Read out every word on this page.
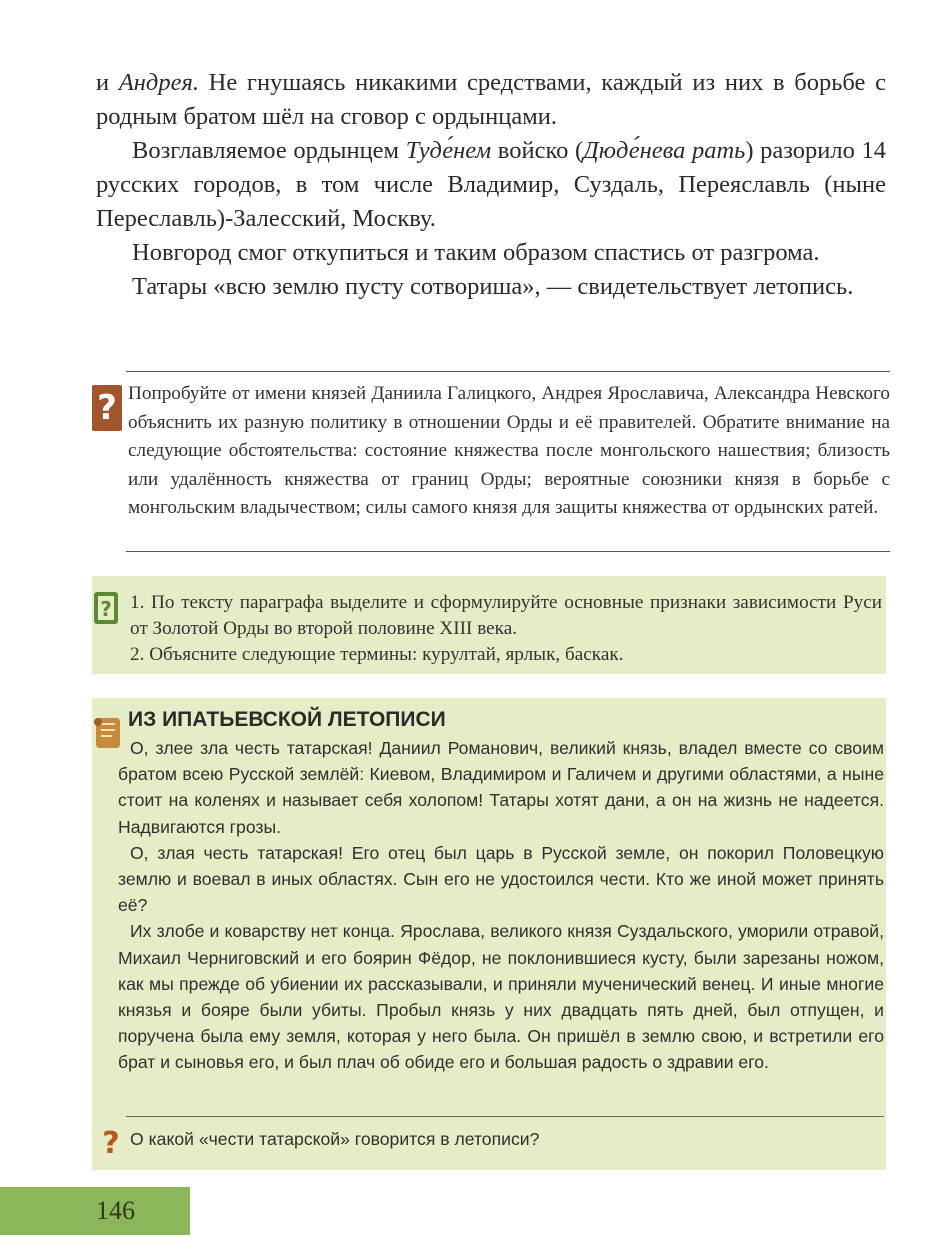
и Андрея. Не гнушаясь никакими средствами, каждый из них в борьбе с родным братом шёл на сговор с ордынцами.

Возглавляемое ордынцем Туде́нем войско (Дюде́нева рать) разорило 14 русских городов, в том числе Владимир, Суздаль, Переяславль (ныне Переславль)-Залесский, Москву.

Новгород смог откупиться и таким образом спастись от разгрома.

Татары «всю землю пусту сотвориша», — свидетельствует летопись.

? Попробуйте от имени князей Даниила Галицкого, Андрея Ярославича, Александра Невского объяснить их разную политику в отношении Орды и её правителей. Обратите внимание на следующие обстоятельства: состояние княжества после монгольского нашествия; близость или удалённость княжества от границ Орды; вероятные союзники князя в борьбе с монгольским владычеством; силы самого князя для защиты княжества от ордынских ратей.
? 1. По тексту параграфа выделите и сформулируйте основные признаки зависимости Руси от Золотой Орды во второй половине XIII века.

2. Объясните следующие термины: курултай, ярлык, баскак.

ИЗ ИПАТЬЕВСКОЙ ЛЕТОПИСИ

О, злее зла честь татарская! Даниил Романович, великий князь, владел вместе со своим братом всею Русской землёй: Киевом, Владимиром и Галичем и другими областями, а ныне стоит на коленях и называет себя холопом! Татары хотят дани, а он на жизнь не надеется. Надвигаются грозы.

О, злая честь татарская! Его отец был царь в Русской земле, он покорил Половецкую землю и воевал в иных областях. Сын его не удостоился чести. Кто же иной может принять её?

Их злобе и коварству нет конца. Ярослава, великого князя Суздальского, уморили отравой, Михаил Черниговский и его боярин Фёдор, не поклонившиеся кусту, были зарезаны ножом, как мы прежде об убиении их рассказывали, и приняли мученический венец. И иные многие князья и бояре были убиты. Пробыл князь у них двадцать пять дней, был отпущен, и поручена была ему земля, которая у него была. Он пришёл в землю свою, и встретили его брат и сыновья его, и был плач об обиде его и большая радость о здравии его.

? О какой «чести татарской» говорится в летописи?
146
